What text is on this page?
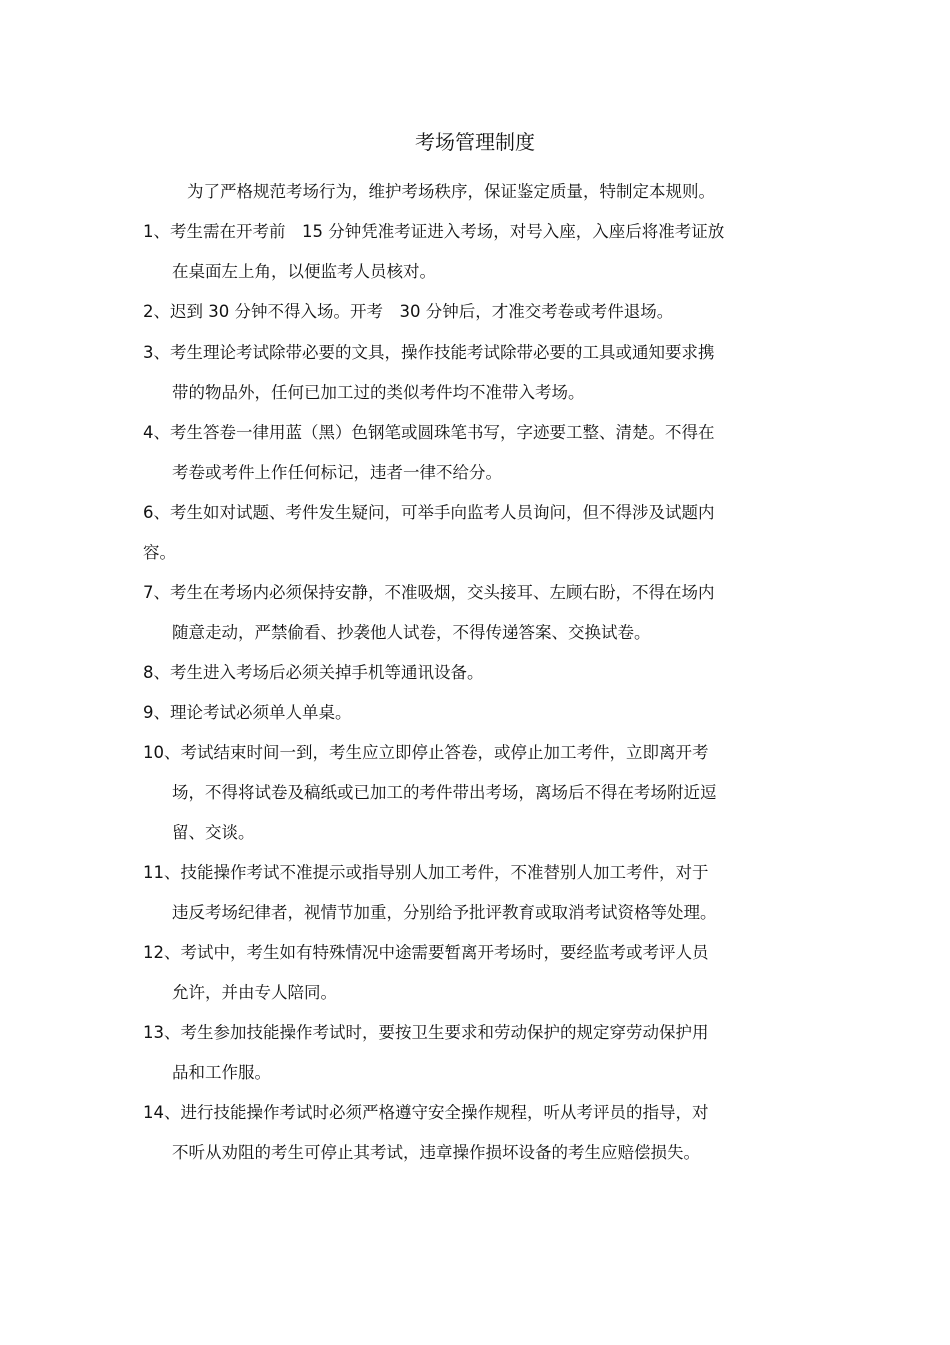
考场管理制度
为了严格规范考场行为，维护考场秩序，保证鉴定质量，特制定本规则。
1、考生需在开考前　15 分钟凭准考证进入考场，对号入座，入座后将准考证放
在桌面左上角，以便监考人员核对。
2、迟到 30 分钟不得入场。开考　30 分钟后，才准交考卷或考件退场。
3、考生理论考试除带必要的文具，操作技能考试除带必要的工具或通知要求携
带的物品外，任何已加工过的类似考件均不准带入考场。
4、考生答卷一律用蓝（黑）色钢笔或圆珠笔书写，字迹要工整、清楚。不得在
考卷或考件上作任何标记，违者一律不给分。
6、考生如对试题、考件发生疑问，可举手向监考人员询问，但不得涉及试题内
容。
7、考生在考场内必须保持安静，不准吸烟，交头接耳、左顾右盼，不得在场内
随意走动，严禁偷看、抄袭他人试卷，不得传递答案、交换试卷。
8、考生进入考场后必须关掉手机等通讯设备。
9、理论考试必须单人单桌。
10、考试结束时间一到，考生应立即停止答卷，或停止加工考件，立即离开考
场，不得将试卷及稿纸或已加工的考件带出考场，离场后不得在考场附近逗
留、交谈。
11、技能操作考试不准提示或指导别人加工考件，不准替别人加工考件，对于
违反考场纪律者，视情节加重，分别给予批评教育或取消考试资格等处理。
12、考试中，考生如有特殊情况中途需要暂离开考场时，要经监考或考评人员
允许，并由专人陪同。
13、考生参加技能操作考试时，要按卫生要求和劳动保护的规定穿劳动保护用
品和工作服。
14、进行技能操作考试时必须严格遵守安全操作规程，听从考评员的指导，对
不听从劝阻的考生可停止其考试，违章操作损坏设备的考生应赔偿损失。
